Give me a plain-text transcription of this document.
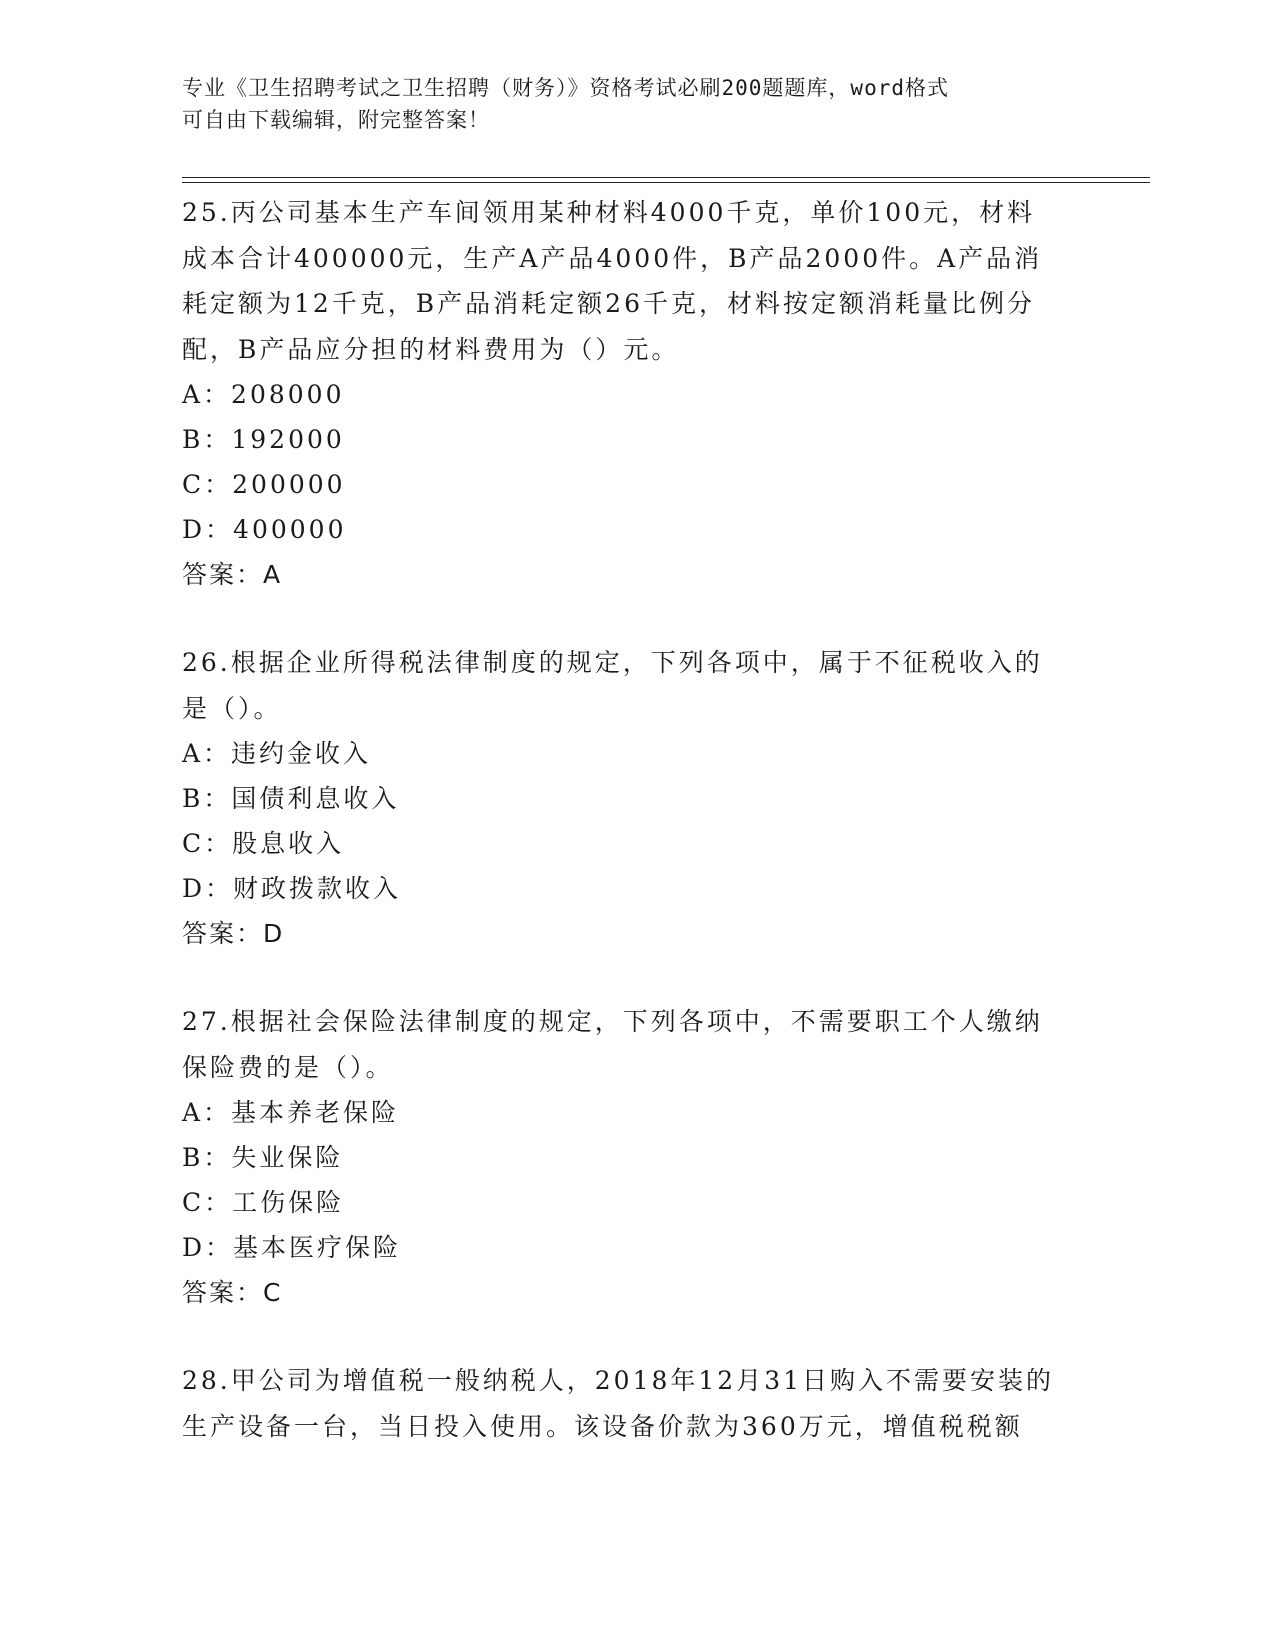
专业《卫生招聘考试之卫生招聘（财务）》资格考试必刷200题题库，word格式
可自由下载编辑，附完整答案！
25.丙公司基本生产车间领用某种材料4000千克，单价100元，材料
成本合计400000元，生产A产品4000件，B产品2000件。A产品消
耗定额为12千克，B产品消耗定额26千克，材料按定额消耗量比例分
配，B产品应分担的材料费用为（）元。
A：208000
B：192000
C：200000
D：400000
答案：A
26.根据企业所得税法律制度的规定，下列各项中，属于不征税收入的
是（）。
A：违约金收入
B：国债利息收入
C：股息收入
D：财政拨款收入
答案：D
27.根据社会保险法律制度的规定，下列各项中，不需要职工个人缴纳
保险费的是（）。
A：基本养老保险
B：失业保险
C：工伤保险
D：基本医疗保险
答案：C
28.甲公司为增值税一般纳税人，2018年12月31日购入不需要安装的
生产设备一台，当日投入使用。该设备价款为360万元，增值税税额
